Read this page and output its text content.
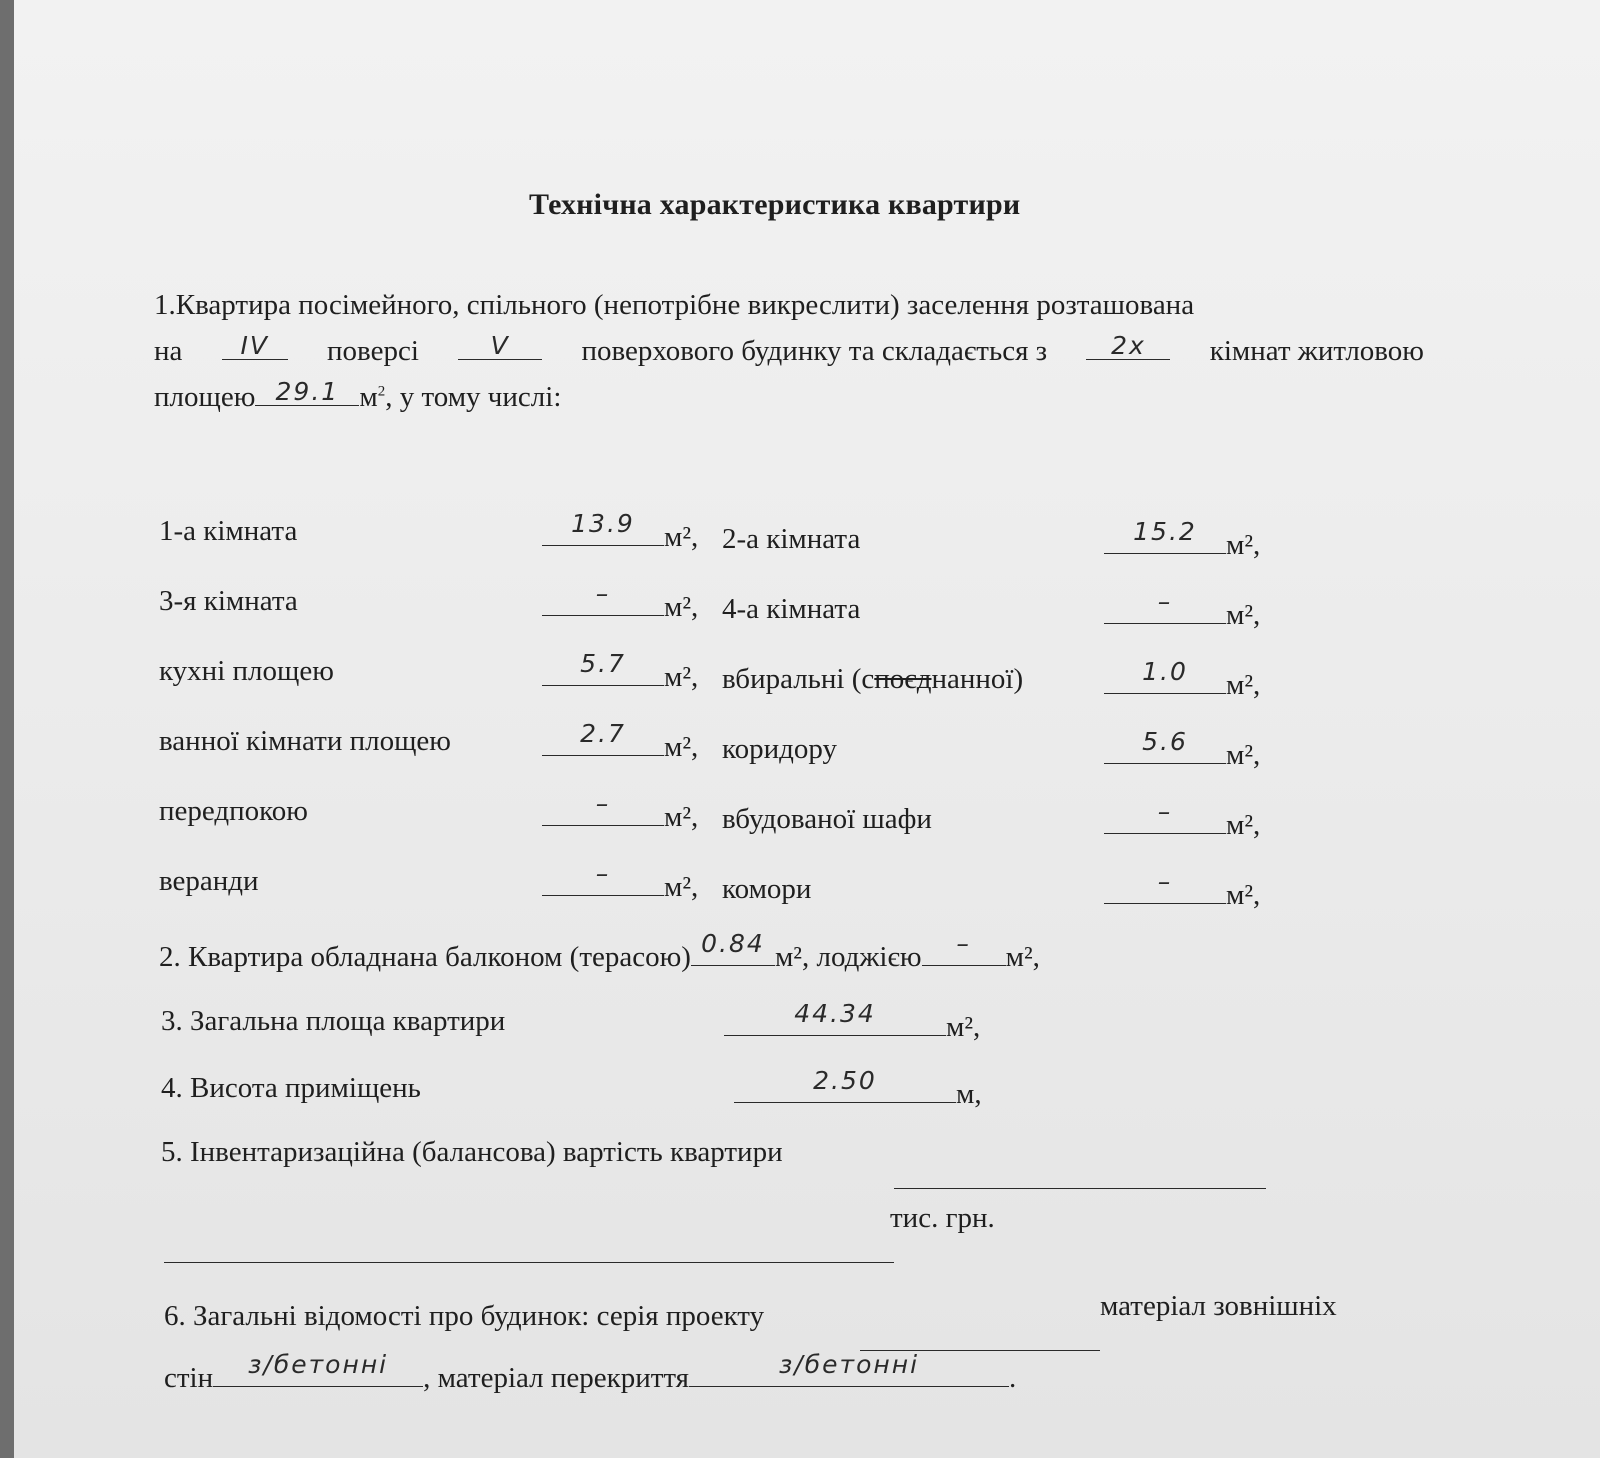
Технічна характеристика квартири
1.Квартира посімейного, спільного (непотрібне викреслити) заселення розташована
на	IV	поверсі	V	поверхового будинку та складається з	2х	кімнат житловою
площею 29.1 $м^2$, у тому числі:
1-а кімната	13.9	м², 2-а кімната	15.2	м²,
3-я кімната	–	м², 4-а кімната	–	м²,
кухні площею	5.7	м², вбиральні (споєднанної)	1.0	м²,
ванної кімнати площею	2.7	м², коридору	5.6	м²,
передпокою	–	м², вбудованої шафи	–	м²,
веранди	–	м², комори	–	м²,
2. Квартира обладнана балконом (терасою) 0.84 м², лоджією	–	м²,
3. Загальна площа квартири	44.34	м²,
4. Висота приміщень	2.50	м,
5. Інвентаризаційна (балансова) вартість квартири
тис. грн.
6. Загальні відомості про будинок: серія проекту	матеріал зовнішніх
стін	з/бетонні	, матеріал перекриття	з/бетонні	.
